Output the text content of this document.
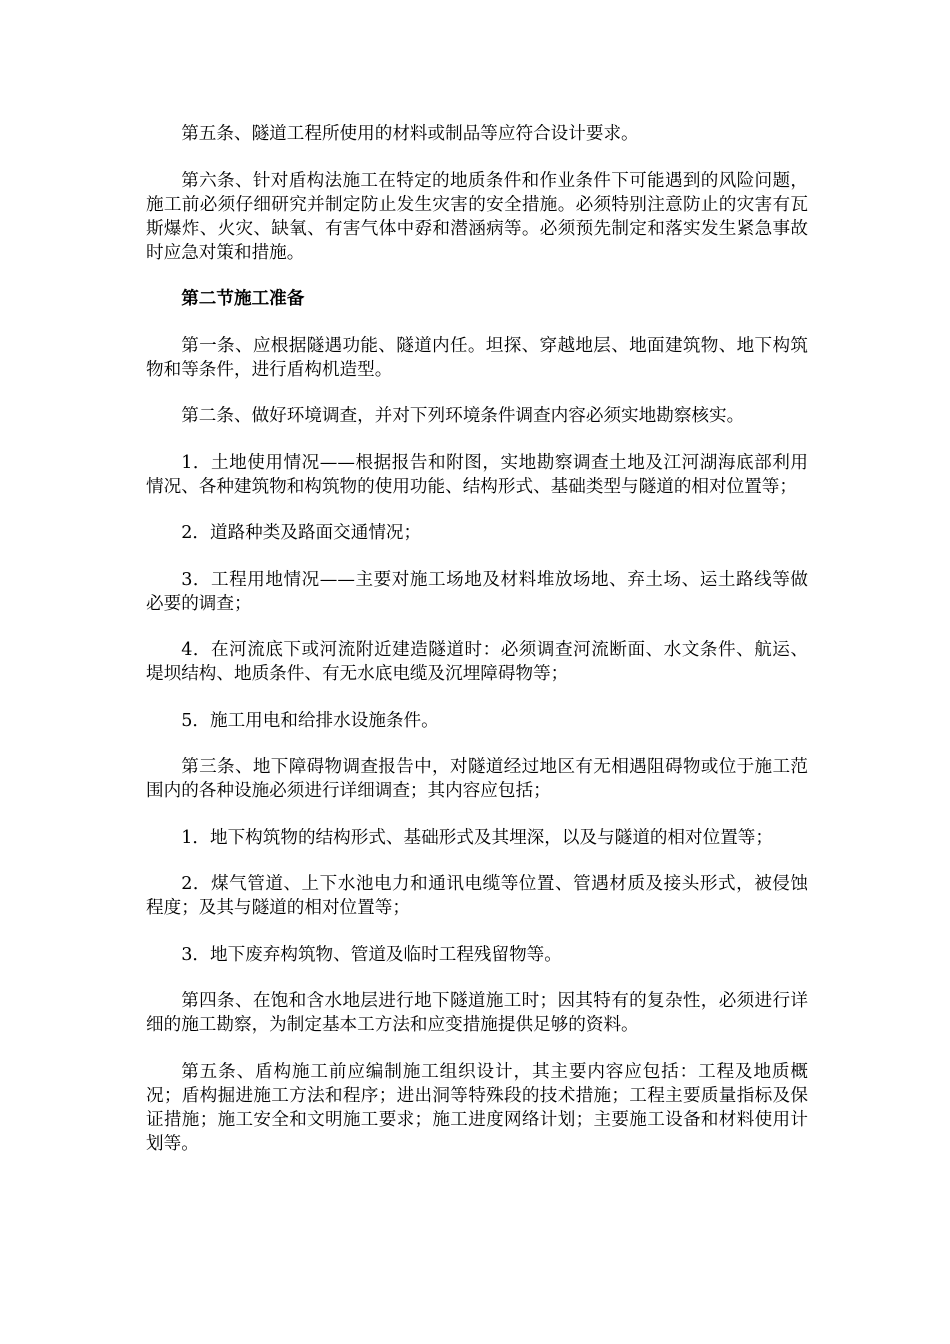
第五条、隧道工程所使用的材料或制品等应符合设计要求。

第六条、针对盾构法施工在特定的地质条件和作业条件下可能遇到的风险问题，施工前必须仔细研究并制定防止发生灾害的安全措施。必须特别注意防止的灾害有瓦斯爆炸、火灾、缺氧、有害气体中孬和潜涵病等。必须预先制定和落实发生紧急事故时应急对策和措施。

第二节施工准备

第一条、应根据隧遇功能、隧道内任。坦探、穿越地层、地面建筑物、地下构筑物和等条件，进行盾构机造型。

第二条、做好环境调查，并对下列环境条件调查内容必须实地勘察核实。

1．土地使用情况——根据报告和附图，实地勘察调查土地及江河湖海底部利用情况、各种建筑物和构筑物的使用功能、结构形式、基础类型与隧道的相对位置等；

2．道路种类及路面交通情况；

3．工程用地情况——主要对施工场地及材料堆放场地、弃土场、运土路线等做必要的调查；

4．在河流底下或河流附近建造隧道时：必须调查河流断面、水文条件、航运、堤坝结构、地质条件、有无水底电缆及沉埋障碍物等；

5．施工用电和给排水设施条件。

第三条、地下障碍物调查报告中，对隧道经过地区有无相遇阻碍物或位于施工范围内的各种设施必须进行详细调查；其内容应包括；

1．地下构筑物的结构形式、基础形式及其埋深，以及与隧道的相对位置等；

2．煤气管道、上下水池电力和通讯电缆等位置、管遇材质及接头形式，被侵蚀程度；及其与隧道的相对位置等；

3．地下废弃构筑物、管道及临时工程残留物等。

第四条、在饱和含水地层进行地下隧道施工时；因其特有的复杂性，必须进行详细的施工勘察，为制定基本工方法和应变措施提供足够的资料。

第五条、盾构施工前应编制施工组织设计，其主要内容应包括：工程及地质概况；盾构掘进施工方法和程序；进出洞等特殊段的技术措施；工程主要质量指标及保证措施；施工安全和文明施工要求；施工进度网络计划；主要施工设备和材料使用计划等。
